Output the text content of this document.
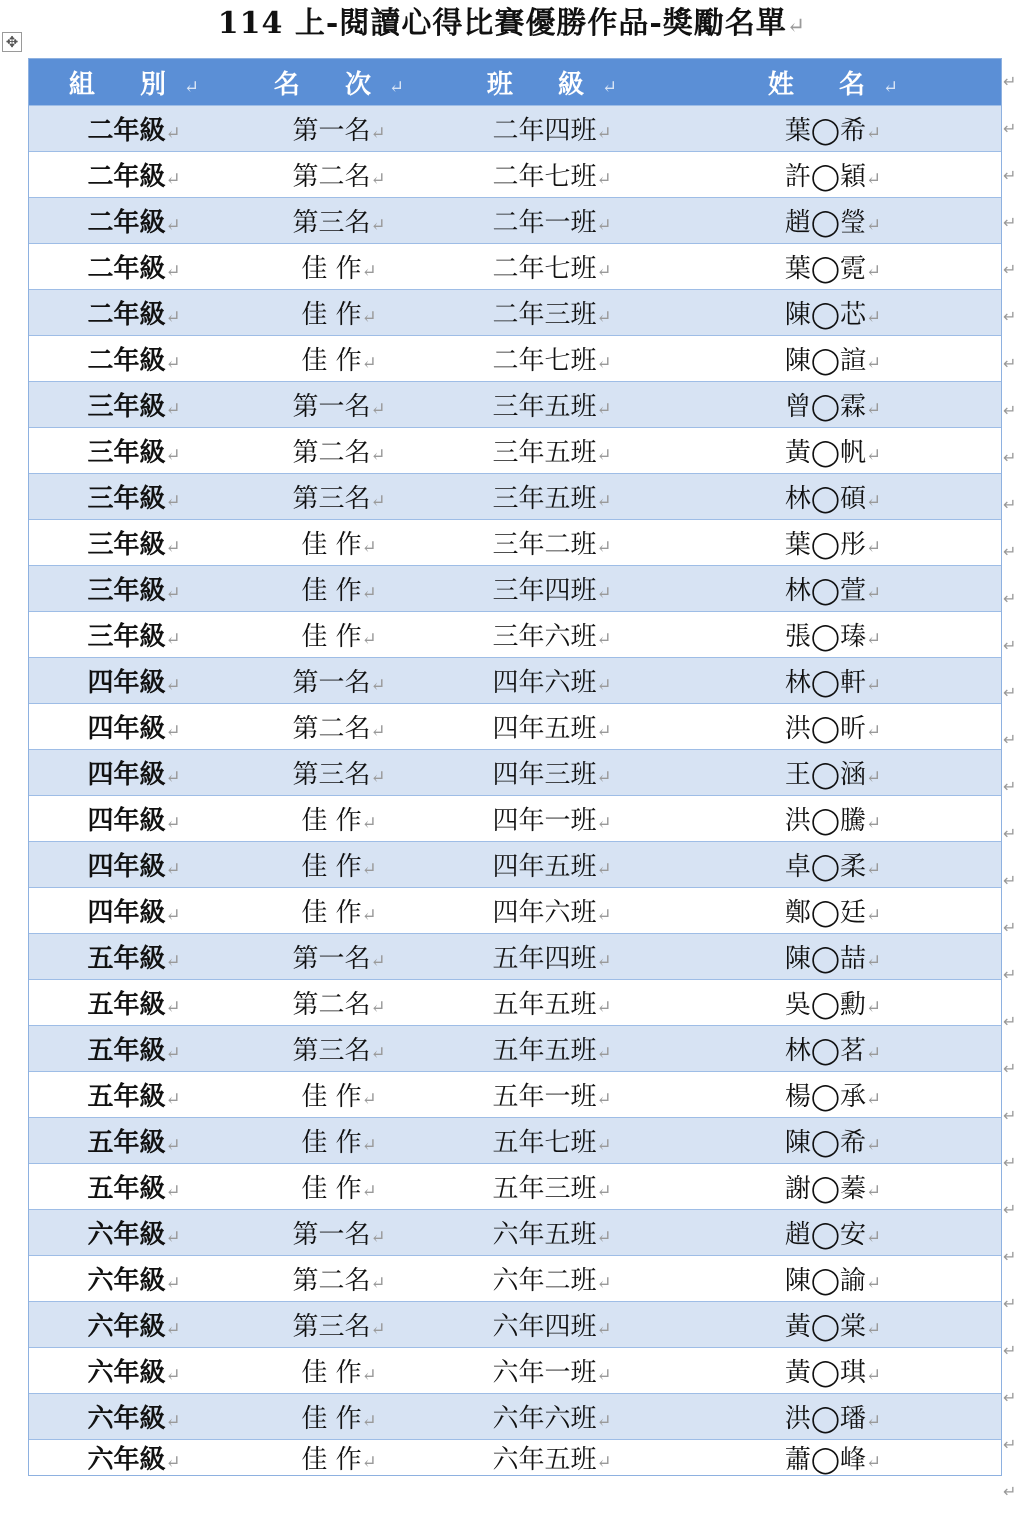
114 上-閱讀心得比賽優勝作品-獎勵名單↵
✥
組 別↵	名 次↵	班 級↵	姓 名↵
二年級↵	第一名↵	二年四班↵	葉◯希↵
二年級↵	第二名↵	二年七班↵	許◯穎↵
二年級↵	第三名↵	二年一班↵	趙◯瑩↵
二年級↵	佳 作↵	二年七班↵	葉◯霓↵
二年級↵	佳 作↵	二年三班↵	陳◯芯↵
二年級↵	佳 作↵	二年七班↵	陳◯諠↵
三年級↵	第一名↵	三年五班↵	曾◯霖↵
三年級↵	第二名↵	三年五班↵	黃◯帆↵
三年級↵	第三名↵	三年五班↵	林◯碩↵
三年級↵	佳 作↵	三年二班↵	葉◯彤↵
三年級↵	佳 作↵	三年四班↵	林◯萱↵
三年級↵	佳 作↵	三年六班↵	張◯瑧↵
四年級↵	第一名↵	四年六班↵	林◯軒↵
四年級↵	第二名↵	四年五班↵	洪◯昕↵
四年級↵	第三名↵	四年三班↵	王◯涵↵
四年級↵	佳 作↵	四年一班↵	洪◯騰↵
四年級↵	佳 作↵	四年五班↵	卓◯柔↵
四年級↵	佳 作↵	四年六班↵	鄭◯廷↵
五年級↵	第一名↵	五年四班↵	陳◯喆↵
五年級↵	第二名↵	五年五班↵	吳◯勳↵
五年級↵	第三名↵	五年五班↵	林◯茗↵
五年級↵	佳 作↵	五年一班↵	楊◯承↵
五年級↵	佳 作↵	五年七班↵	陳◯希↵
五年級↵	佳 作↵	五年三班↵	謝◯蓁↵
六年級↵	第一名↵	六年五班↵	趙◯安↵
六年級↵	第二名↵	六年二班↵	陳◯諭↵
六年級↵	第三名↵	六年四班↵	黃◯棠↵
六年級↵	佳 作↵	六年一班↵	黃◯琪↵
六年級↵	佳 作↵	六年六班↵	洪◯璠↵
六年級↵	佳 作↵	六年五班↵	蕭◯峰↵
↵
↵
↵
↵
↵
↵
↵
↵
↵
↵
↵
↵
↵
↵
↵
↵
↵
↵
↵
↵
↵
↵
↵
↵
↵
↵
↵
↵
↵
↵
↵
